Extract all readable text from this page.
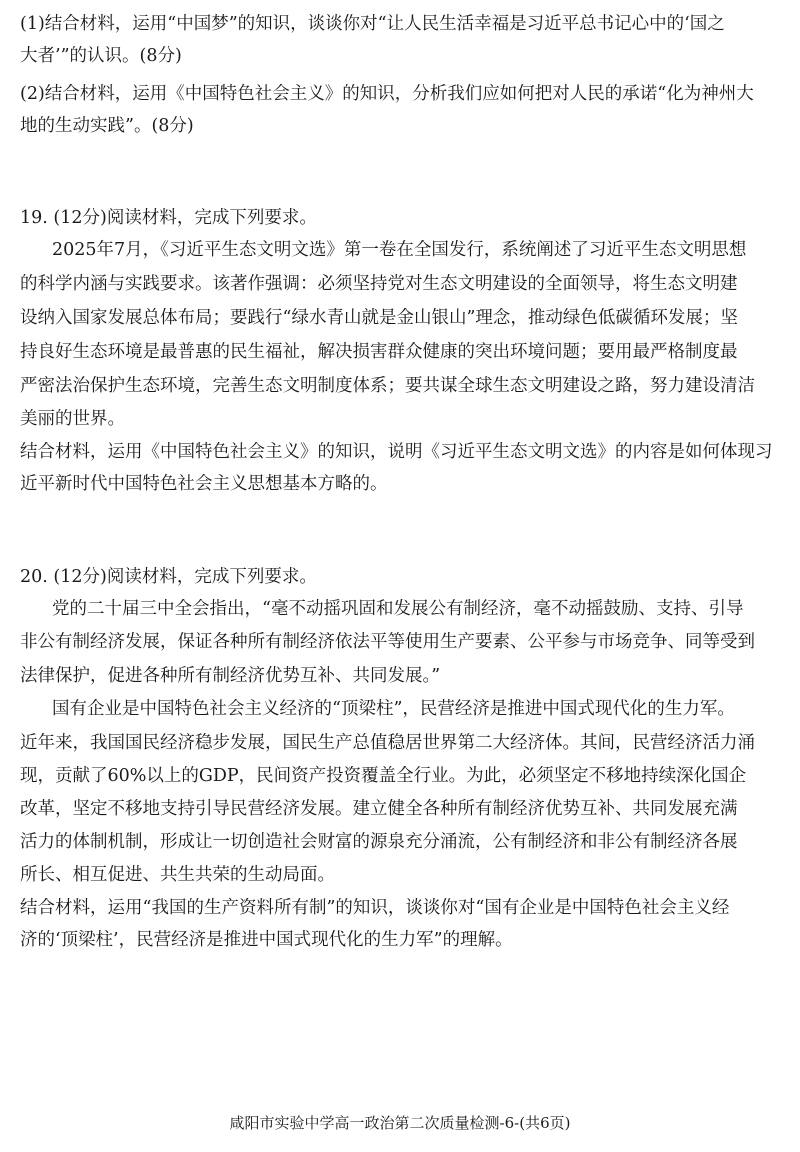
(1)结合材料，运用“中国梦”的知识，谈谈你对“让人民生活幸福是习近平总书记心中的‘国之
大者’”的认识。(8分)
(2)结合材料，运用《中国特色社会主义》的知识，分析我们应如何把对人民的承诺“化为神州大
地的生动实践”。(8分)
19. (12分)阅读材料，完成下列要求。
2025年7月，《习近平生态文明文选》第一卷在全国发行，系统阐述了习近平生态文明思想
的科学内涵与实践要求。该著作强调：必须坚持党对生态文明建设的全面领导，将生态文明建
设纳入国家发展总体布局；要践行“绿水青山就是金山银山”理念，推动绿色低碳循环发展；坚
持良好生态环境是最普惠的民生福祉，解决损害群众健康的突出环境问题；要用最严格制度最
严密法治保护生态环境，完善生态文明制度体系；要共谋全球生态文明建设之路，努力建设清洁
美丽的世界。
结合材料，运用《中国特色社会主义》的知识，说明《习近平生态文明文选》的内容是如何体现习
近平新时代中国特色社会主义思想基本方略的。
20. (12分)阅读材料，完成下列要求。
党的二十届三中全会指出，“毫不动摇巩固和发展公有制经济，毫不动摇鼓励、支持、引导
非公有制经济发展，保证各种所有制经济依法平等使用生产要素、公平参与市场竞争、同等受到
法律保护，促进各种所有制经济优势互补、共同发展。”
国有企业是中国特色社会主义经济的“顶梁柱”，民营经济是推进中国式现代化的生力军。
近年来，我国国民经济稳步发展，国民生产总值稳居世界第二大经济体。其间，民营经济活力涌
现，贡献了60%以上的GDP，民间资产投资覆盖全行业。为此，必须坚定不移地持续深化国企
改革，坚定不移地支持引导民营经济发展。建立健全各种所有制经济优势互补、共同发展充满
活力的体制机制，形成让一切创造社会财富的源泉充分涌流，公有制经济和非公有制经济各展
所长、相互促进、共生共荣的生动局面。
结合材料，运用“我国的生产资料所有制”的知识，谈谈你对“国有企业是中国特色社会主义经
济的‘顶梁柱’，民营经济是推进中国式现代化的生力军”的理解。
咸阳市实验中学高一政治第二次质量检测-6-(共6页)
